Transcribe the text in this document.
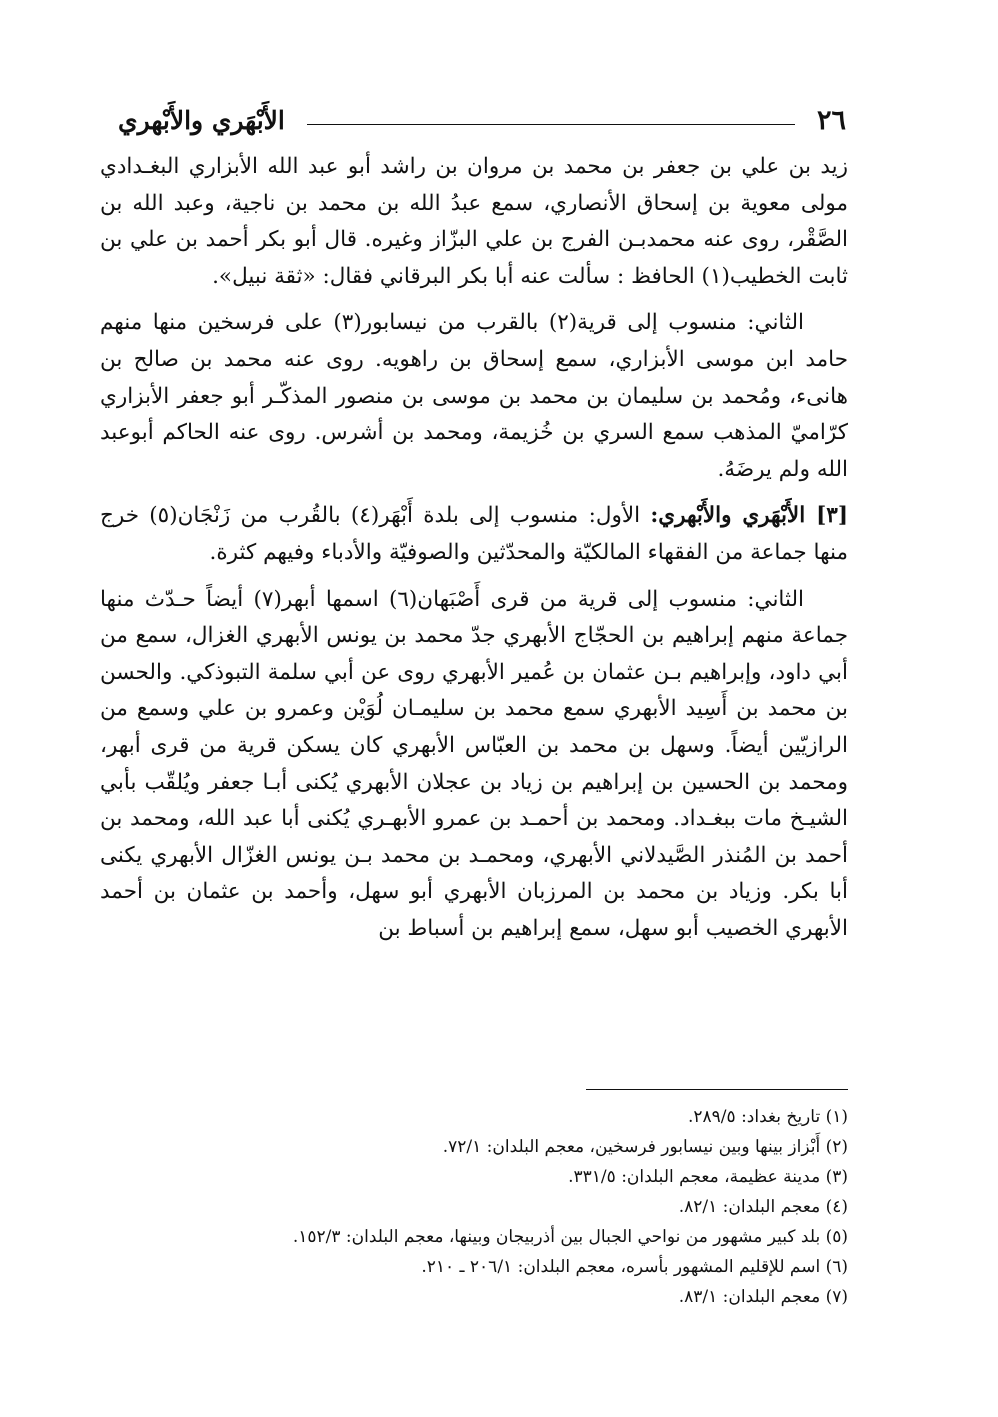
٢٦
الأَبْهَري والأَبْهري

زيد بن علي بن جعفر بن محمد بن مروان بن راشد أبو عبد الله الأبزاري البغـدادي مولى معوية بن إسحاق الأنصاري، سمع عبدُ الله بن محمد بن ناجية، وعبد الله بن الصَّقْر، روى عنه محمدبـن الفرج بن علي البزّاز وغيره. قال أبو بكر أحمد بن علي بن ثابت الخطيب(١) الحافظ : سألت عنه أبا بكر البرقاني فقال: «ثقة نبيل».

الثاني: منسوب إلى قرية(٢) بالقرب من نيسابور(٣) على فرسخين منها منهم حامد ابن موسى الأبزاري، سمع إسحاق بن راهويه. روى عنه محمد بن صالح بن هانىء، ومُحمد بن سليمان بن محمد بن موسى بن منصور المذكّـر أبو جعفر الأبزاري كرّاميّ المذهب سمع السري بن خُزيمة، ومحمد بن أشرس. روى عنه الحاكم أبوعبد الله ولم يرضَهُ.

[٣] الأَبْهَري والأَبْهري: الأول: منسوب إلى بلدة أَبْهَر(٤) بالقُرب من زَنْجَان(٥) خرج منها جماعة من الفقهاء المالكيّة والمحدّثين والصوفيّة والأدباء وفيهم كثرة.

الثاني: منسوب إلى قرية من قرى أَصْبَهان(٦) اسمها أبهر(٧) أيضاً حـدّث منها جماعة منهم إبراهيم بن الحجّاج الأبهري جدّ محمد بن يونس الأبهري الغزال، سمع من أبي داود، وإبراهيم بـن عثمان بن عُمير الأبهري روى عن أبي سلمة التبوذكي. والحسن بن محمد بن أَسِيد الأبهري سمع محمد بن سليمـان لُوَيْن وعمرو بن علي وسمع من الرازيّين أيضاً. وسهل بن محمد بن العبّاس الأبهري كان يسكن قرية من قرى أبهر، ومحمد بن الحسين بن إبراهيم بن زياد بن عجلان الأبهري يُكنى أبـا جعفر ويُلقّب بأبي الشيـخ مات ببغـداد. ومحمد بن أحمـد بن عمرو الأبهـري يُكنى أبا عبد الله، ومحمد بن أحمد بن المُنذر الصَّيدلاني الأبهري، ومحمـد بن محمد بـن يونس الغزّال الأبهري يكنى أبا بكر. وزياد بن محمد بن المرزبان الأبهري أبو سهل، وأحمد بن عثمان بن أحمد الأبهري الخصيب أبو سهل، سمع إبراهيم بن أسباط بن

(١) تاريخ بغداد: ٢٨٩/٥.
(٢) أَبْزاز بينها وبين نيسابور فرسخين، معجم البلدان: ٧٢/١.
(٣) مدينة عظيمة، معجم البلدان: ٣٣١/٥.
(٤) معجم البلدان: ٨٢/١.
(٥) بلد كبير مشهور من نواحي الجبال بين أذربيجان وبينها، معجم البلدان: ١٥٢/٣.
(٦) اسم للإقليم المشهور بأسره، معجم البلدان: ٢٠٦/١ ـ ٢١٠.
(٧) معجم البلدان: ٨٣/١.
